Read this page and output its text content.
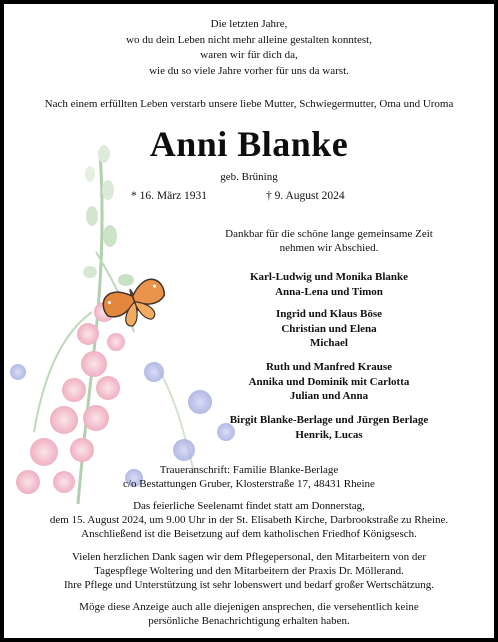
Die letzten Jahre,
wo du dein Leben nicht mehr alleine gestalten konntest,
waren wir für dich da,
wie du so viele Jahre vorher für uns da warst.
Nach einem erfüllten Leben verstarb unsere liebe Mutter, Schwiegermutter, Oma und Uroma
Anni Blanke
geb. Brüning
* 16. März 1931	† 9. August 2024
Dankbar für die schöne lange gemeinsame Zeit
nehmen wir Abschied.
Karl-Ludwig und Monika Blanke
Anna-Lena und Timon
Ingrid und Klaus Böse
Christian und Elena
Michael
Ruth und Manfred Krause
Annika und Dominik mit Carlotta
Julian und Anna
Birgit Blanke-Berlage und Jürgen Berlage
Henrik, Lucas
Traueranschrift: Familie Blanke-Berlage
c/o Bestattungen Gruber, Klosterstraße 17, 48431 Rheine
Das feierliche Seelenamt findet statt am Donnerstag,
dem 15. August 2024, um 9.00 Uhr in der St. Elisabeth Kirche, Darbrookstraße zu Rheine.
Anschließend ist die Beisetzung auf dem katholischen Friedhof Königsesch.
Vielen herzlichen Dank sagen wir dem Pflegepersonal, den Mitarbeitern von der
Tagespflege Woltering und den Mitarbeitern der Praxis Dr. Möllerand.
Ihre Pflege und Unterstützung ist sehr lobenswert und bedarf großer Wertschätzung.
Möge diese Anzeige auch alle diejenigen ansprechen, die versehentlich keine
persönliche Benachrichtigung erhalten haben.
